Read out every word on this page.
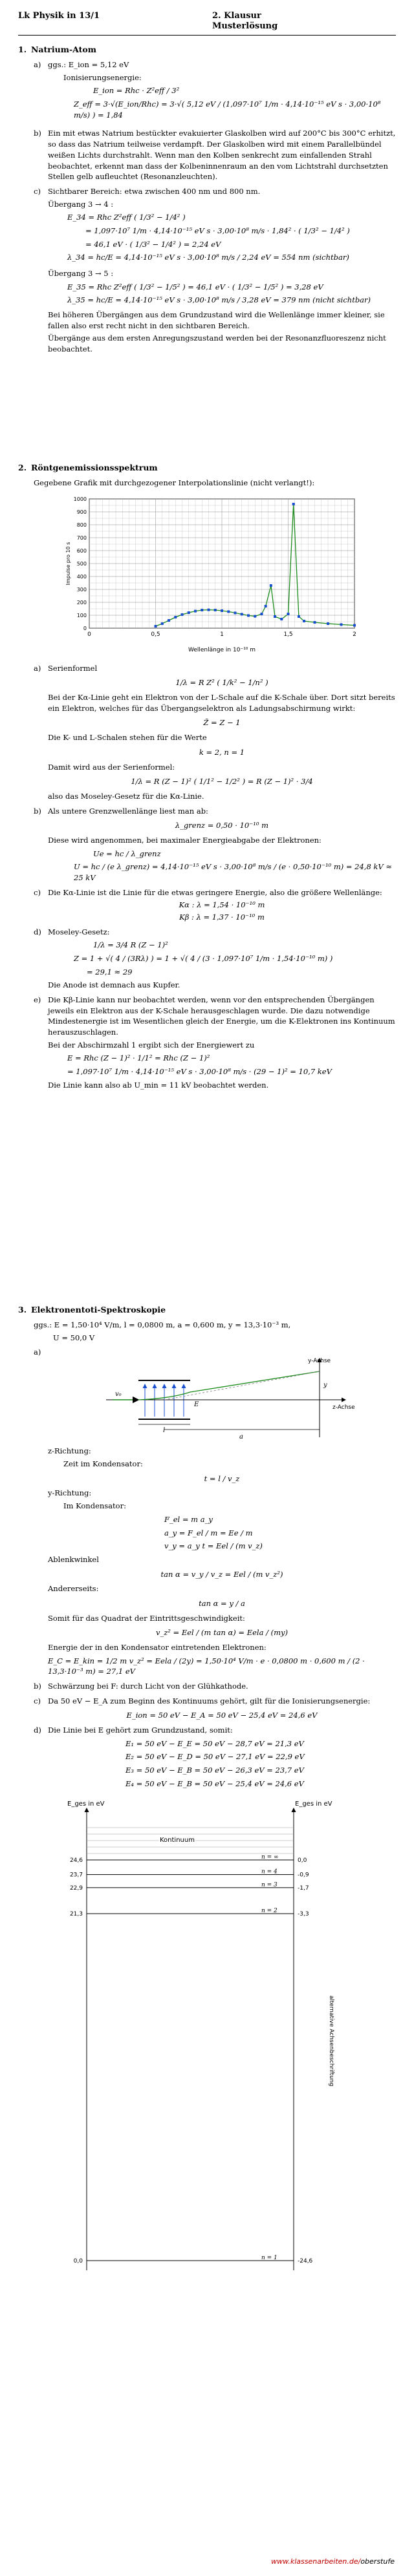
Lk Physik in 13/1	2. Klausur
Musterlösung
1. Natrium-Atom
a) ggs.: E_ion = 5,12 eV

Ionisierungsenergie:

E_ion = Rhc · Z²eff / 3²

Z_eff = 3·√(E_ion/Rhc) = 3·√( 5,12 eV / (1,097·10⁷ 1/m · 4,14·10⁻¹⁵ eV s · 3,00·10⁸ m/s) ) = 1,84

b) Ein mit etwas Natrium bestückter evakuierter Glaskolben wird auf 200°C bis 300°C erhitzt, so dass das Natrium teilweise verdampft. Der Glaskolben wird mit einem Parallelbündel weißen Lichts durchstrahlt. Wenn man den Kolben senkrecht zum einfallenden Strahl beobachtet, erkennt man dass der Kolbeninnenraum an den vom Lichtstrahl durchsetzten Stellen gelb aufleuchtet (Resonanzleuchten).

c) Sichtbarer Bereich: etwa zwischen 400 nm und 800 nm.

Übergang 3 → 4 :

E_34 = Rhc Z²eff ( 1/3² − 1/4² )

= 1,097·10⁷ 1/m · 4,14·10⁻¹⁵ eV s · 3,00·10⁸ m/s · 1,84² · ( 1/3² − 1/4² )

= 46,1 eV · ( 1/3² − 1/4² ) = 2,24 eV

λ_34 = hc/E = 4,14·10⁻¹⁵ eV s · 3,00·10⁸ m/s / 2,24 eV = 554 nm (sichtbar)

Übergang 3 → 5 :

E_35 = Rhc Z²eff ( 1/3² − 1/5² ) = 46,1 eV · ( 1/3² − 1/5² ) = 3,28 eV

λ_35 = hc/E = 4,14·10⁻¹⁵ eV s · 3,00·10⁸ m/s / 3,28 eV = 379 nm (nicht sichtbar)

Bei höheren Übergängen aus dem Grundzustand wird die Wellenlänge immer kleiner, sie fallen also erst recht nicht in den sichtbaren Bereich.

Übergänge aus dem ersten Anregungszustand werden bei der Resonanzfluoreszenz nicht beobachtet.

2. Röntgenemissionsspektrum

Gegebene Grafik mit durchgezogener Interpolationslinie (nicht verlangt!):

0	0,5	1	1,5	2
0
100
200
300
400
500
600
700
800
900
1000
Wellenlänge in 10⁻¹⁰ m
Impulse pro 10 s
a) Serienformel

1/λ = R Z² ( 1/k² − 1/n² )

Bei der Kα-Linie geht ein Elektron von der L-Schale auf die K-Schale über. Dort sitzt bereits ein Elektron, welches für das Übergangselektron als Ladungsabschirmung wirkt:

Z̃ = Z − 1

Die K- und L-Schalen stehen für die Werte

k = 2, n = 1

Damit wird aus der Serienformel:

1/λ = R (Z − 1)² ( 1/1² − 1/2² ) = R (Z − 1)² · 3/4

also das Moseley-Gesetz für die Kα-Linie.

b) Als untere Grenzwellenlänge liest man ab:

λ_grenz = 0,50 · 10⁻¹⁰ m

Diese wird angenommen, bei maximaler Energieabgabe der Elektronen:

Ue = hc / λ_grenz

U = hc / (e λ_grenz) = 4,14·10⁻¹⁵ eV s · 3,00·10⁸ m/s / (e · 0,50·10⁻¹⁰ m) = 24,8 kV ≈ 25 kV

c) Die Kα-Linie ist die Linie für die etwas geringere Energie, also die größere Wellenlänge:

Kα : λ = 1,54 · 10⁻¹⁰ m

Kβ : λ = 1,37 · 10⁻¹⁰ m

d) Moseley-Gesetz:

1/λ = 3/4 R (Z − 1)²

Z = 1 + √( 4 / (3Rλ) ) = 1 + √( 4 / (3 · 1,097·10⁷ 1/m · 1,54·10⁻¹⁰ m) )

= 29,1 ≈ 29

Die Anode ist demnach aus Kupfer.

e) Die Kβ-Linie kann nur beobachtet werden, wenn vor den entsprechenden Übergängen jeweils ein Elektron aus der K-Schale herausgeschlagen wurde. Die dazu notwendige Mindestenergie ist im Wesentlichen gleich der Energie, um die K-Elektronen ins Kontinuum herauszuschlagen.

Bei der Abschirmzahl 1 ergibt sich der Energiewert zu

E = Rhc (Z − 1)² · 1/1² = Rhc (Z − 1)²

= 1,097·10⁷ 1/m · 4,14·10⁻¹⁵ eV s · 3,00·10⁸ m/s · (29 − 1)² = 10,7 keV

Die Linie kann also ab U_min = 11 kV beobachtet werden.

3. Elektronentoti-Spektroskopie

ggs.: E = 1,50·10⁴ V/m, l = 0,0800 m, a = 0,600 m, y = 13,3·10⁻³ m,

U = 50,0 V

a)
y-Achse
z-Achse
v₀
y
a
l
E

z-Richtung:

Zeit im Kondensator:

t = l / v_z

y-Richtung:

Im Kondensator:

F_el = m a_y

a_y = F_el / m = Ee / m

v_y = a_y t = Eel / (m v_z)

Ablenkwinkel

tan α = v_y / v_z = Eel / (m v_z²)

Andererseits:

tan α = y / a

Somit für das Quadrat der Eintrittsgeschwindigkeit:

v_z² = Eel / (m tan α) = Eela / (my)

Energie der in den Kondensator eintretenden Elektronen:

E_C = E_kin = 1/2 m v_z² = Eela / (2y) = 1,50·10⁴ V/m · e · 0,0800 m · 0,600 m / (2 · 13,3·10⁻³ m) = 27,1 eV

b) Schwärzung bei F: durch Licht von der Glühkathode.

c) Da 50 eV − E_A zum Beginn des Kontinuums gehört, gilt für die Ionisierungsenergie:

E_ion = 50 eV − E_A = 50 eV − 25,4 eV = 24,6 eV

d) Die Linie bei E gehört zum Grundzustand, somit:

E₁ = 50 eV − E_E = 50 eV − 28,7 eV = 21,3 eV

E₂ = 50 eV − E_D = 50 eV − 27,1 eV = 22,9 eV

E₃ = 50 eV − E_B = 50 eV − 26,3 eV = 23,7 eV

E₄ = 50 eV − E_B = 50 eV − 25,4 eV = 24,6 eV

E_ges in eV	E_ges in eV
Kontinuum
24,6	0,0
n = ∞
23,7	-0,9
n = 4
22,9	-1,7
n = 3
21,3	-3,3
n = 2
0,0	-24,6
n = 1
alternative Achsenbeschriftung
www.klassenarbeiten.de/oberstufe
